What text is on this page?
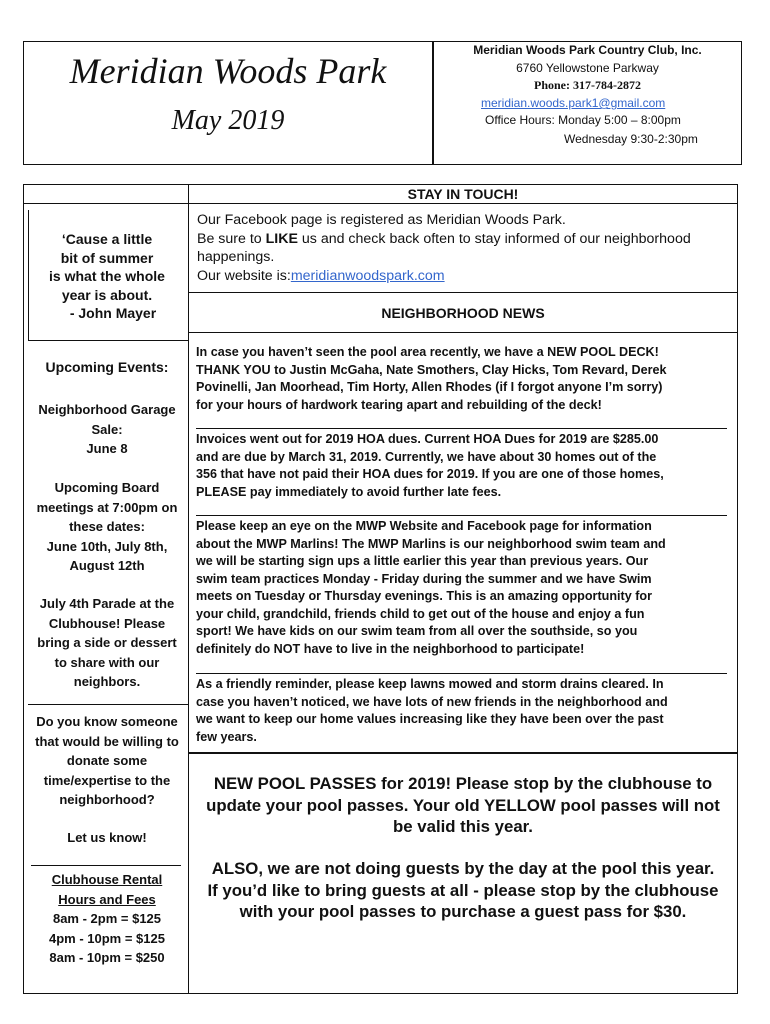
Meridian Woods Park
May 2019
Meridian Woods Park Country Club, Inc.
6760 Yellowstone Parkway
Phone: 317-784-2872
meridian.woods.park1@gmail.com
Office Hours: Monday 5:00 – 8:00pm
Wednesday 9:30-2:30pm
‘Cause a little
bit of summer
is what the whole
year is about.
- John Mayer
Upcoming Events:
Neighborhood Garage
Sale:
June 8
Upcoming Board
meetings at 7:00pm on
these dates:
June 10th, July 8th,
August 12th
July 4th Parade at the
Clubhouse! Please
bring a side or dessert
to share with our
neighbors.
Do you know someone
that would be willing to
donate some
time/expertise to the
neighborhood?
Let us know!
Clubhouse Rental
Hours and Fees
8am - 2pm = $125
4pm - 10pm = $125
8am - 10pm = $250
STAY IN TOUCH!
Our Facebook page is registered as Meridian Woods Park.
Be sure to LIKE us and check back often to stay informed of our neighborhood
happenings.
Our website is:meridianwoodspark.com
NEIGHBORHOOD NEWS
In case you haven’t seen the pool area recently, we have a NEW POOL DECK!
THANK YOU to Justin McGaha, Nate Smothers, Clay Hicks, Tom Revard, Derek
Povinelli, Jan Moorhead, Tim Horty, Allen Rhodes (if I forgot anyone I’m sorry)
for your hours of hardwork tearing apart and rebuilding of the deck!
Invoices went out for 2019 HOA dues. Current HOA Dues for 2019 are $285.00
and are due by March 31, 2019. Currently, we have about 30 homes out of the
356 that have not paid their HOA dues for 2019. If you are one of those homes,
PLEASE pay immediately to avoid further late fees.
Please keep an eye on the MWP Website and Facebook page for information
about the MWP Marlins! The MWP Marlins is our neighborhood swim team and
we will be starting sign ups a little earlier this year than previous years. Our
swim team practices Monday - Friday during the summer and we have Swim
meets on Tuesday or Thursday evenings. This is an amazing opportunity for
your child, grandchild, friends child to get out of the house and enjoy a fun
sport! We have kids on our swim team from all over the southside, so you
definitely do NOT have to live in the neighborhood to participate!
As a friendly reminder, please keep lawns mowed and storm drains cleared. In
case you haven’t noticed, we have lots of new friends in the neighborhood and
we want to keep our home values increasing like they have been over the past
few years.
NEW POOL PASSES for 2019! Please stop by the clubhouse to
update your pool passes. Your old YELLOW pool passes will not
be valid this year.
ALSO, we are not doing guests by the day at the pool this year.
If you’d like to bring guests at all - please stop by the clubhouse
with your pool passes to purchase a guest pass for $30.
